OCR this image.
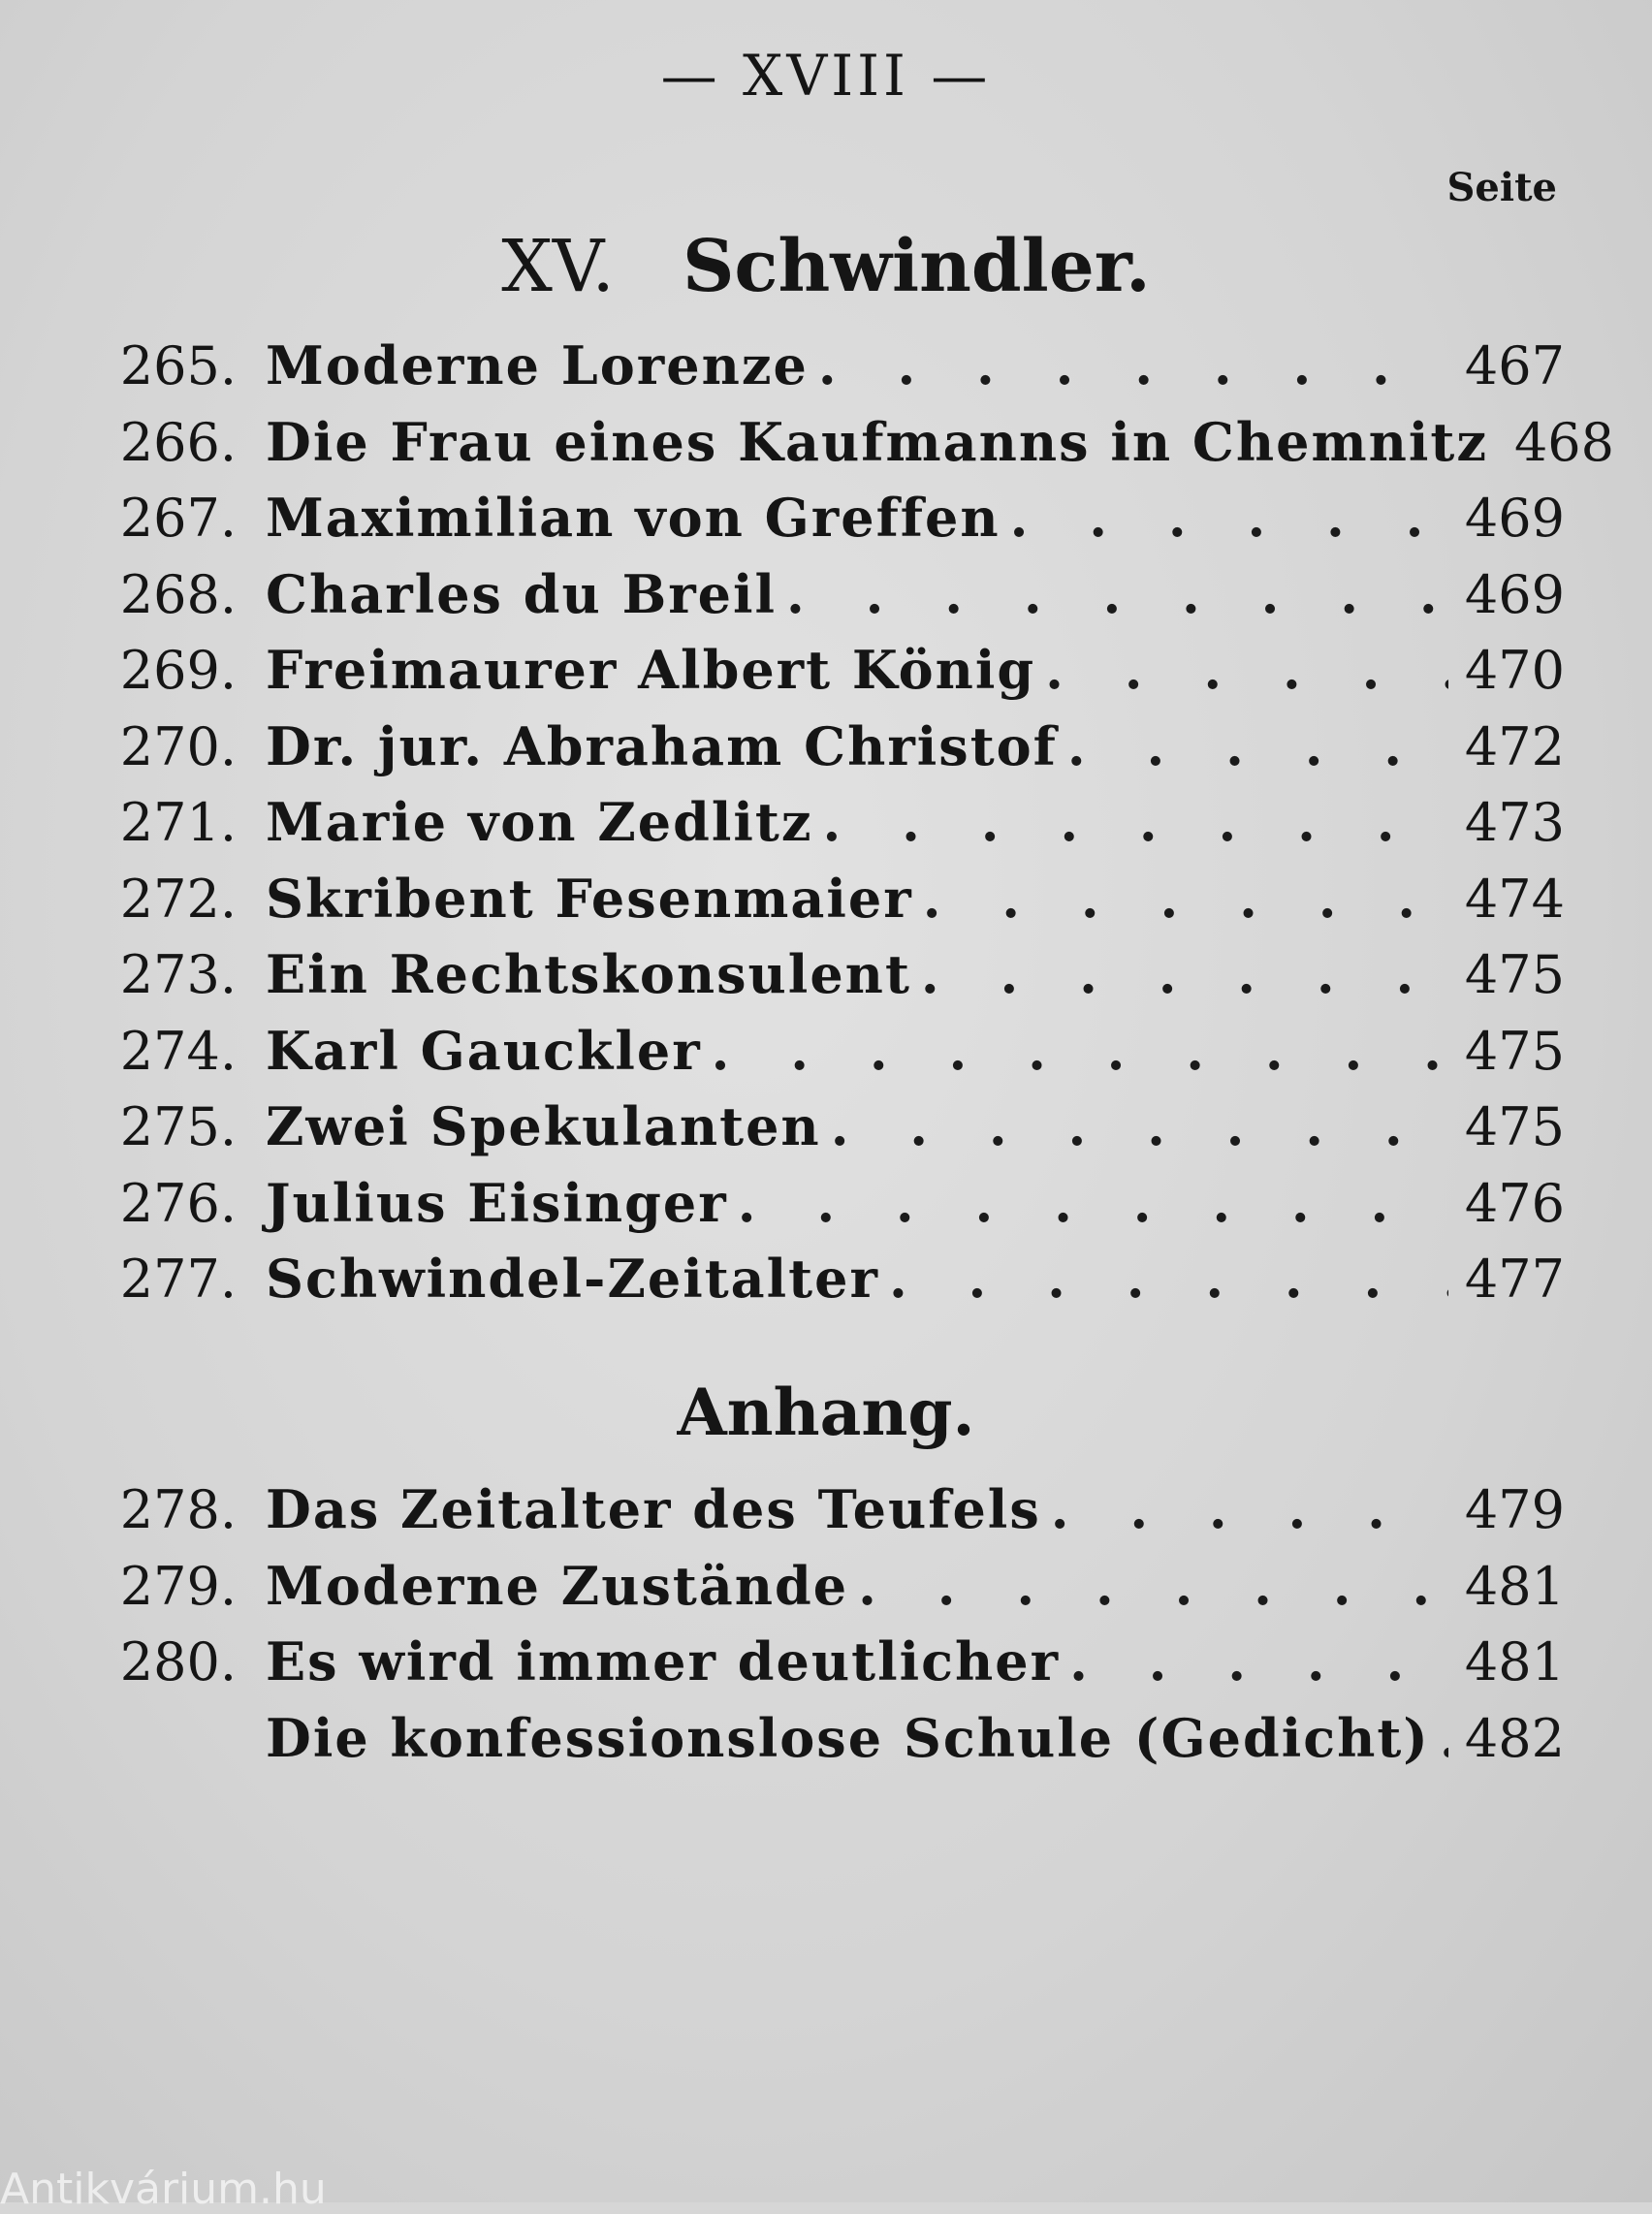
— XVIII —
Seite
XV. Schwindler.
265. Moderne Lorenze . . .	467
266. Die Frau eines Kaufmanns in Chemnitz 468
267. Maximilian von Greffen . . .	469
268. Charles du Breil . . .	469
269. Freimaurer Albert König . . .	470
270. Dr. jur. Abraham Christof . . .	472
271. Marie von Zedlitz . . .	473
272. Skribent Fesenmaier . . .	474
273. Ein Rechtskonsulent . . .	475
274. Karl Gauckler . . .	475
275. Zwei Spekulanten . . .	475
276. Julius Eisinger . . .	476
277. Schwindel-Zeitalter . . .	477
Anhang.
278. Das Zeitalter des Teufels . . .	479
279. Moderne Zustände . . .	481
280. Es wird immer deutlicher . . .	481
Die konfessionslose Schule (Gedicht) . . . 482
Antikvárium.hu
